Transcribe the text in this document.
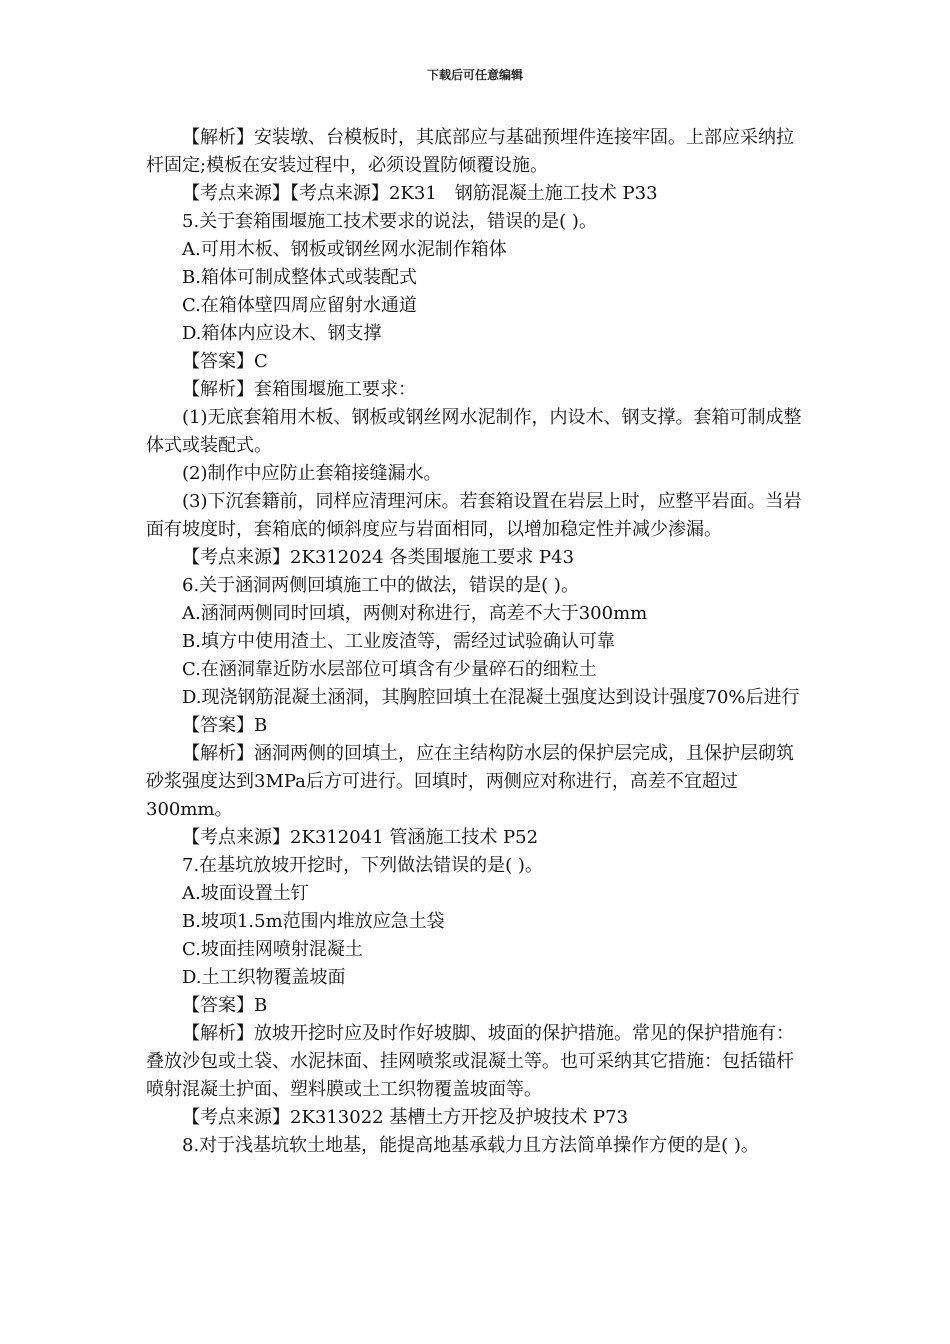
下载后可任意编辑

【解析】安装墩、台模板时，其底部应与基础预埋件连接牢固。上部应采纳拉杆固定;模板在安装过程中，必须设置防倾覆设施。

【考点来源】【考点来源】2K31　钢筋混凝土施工技术 P33

5.关于套箱围堰施工技术要求的说法，错误的是( )。

A.可用木板、钢板或钢丝网水泥制作箱体

B.箱体可制成整体式或装配式

C.在箱体壁四周应留射水通道

D.箱体内应设木、钢支撑

【答案】C

【解析】套箱围堰施工要求：

(1)无底套箱用木板、钢板或钢丝网水泥制作，内设木、钢支撑。套箱可制成整体式或装配式。

(2)制作中应防止套箱接缝漏水。

(3)下沉套籍前，同样应清理河床。若套箱设置在岩层上时，应整平岩面。当岩面有坡度时，套箱底的倾斜度应与岩面相同，以增加稳定性并减少渗漏。

【考点来源】2K312024 各类围堰施工要求 P43

6.关于涵洞两侧回填施工中的做法，错误的是( )。

A.涵洞两侧同时回填，两侧对称进行，高差不大于300mm

B.填方中使用渣土、工业废渣等，需经过试验确认可靠

C.在涵洞靠近防水层部位可填含有少量碎石的细粒土

D.现浇钢筋混凝土涵洞，其胸腔回填土在混凝土强度达到设计强度70%后进行

【答案】B

【解析】涵洞两侧的回填土，应在主结构防水层的保护层完成，且保护层砌筑砂浆强度达到3MPa后方可进行。回填时，两侧应对称进行，高差不宜超过300mm。

【考点来源】2K312041 管涵施工技术 P52

7.在基坑放坡开挖时，下列做法错误的是( )。

A.坡面设置土钉

B.坡项1.5m范围内堆放应急土袋

C.坡面挂网喷射混凝土

D.土工织物覆盖坡面

【答案】B

【解析】放坡开挖时应及时作好坡脚、坡面的保护措施。常见的保护措施有：叠放沙包或土袋、水泥抹面、挂网喷浆或混凝土等。也可采纳其它措施：包括锚杆喷射混凝土护面、塑料膜或土工织物覆盖坡面等。

【考点来源】2K313022 基槽土方开挖及护坡技术 P73

8.对于浅基坑软土地基，能提高地基承载力且方法简单操作方便的是( )。
